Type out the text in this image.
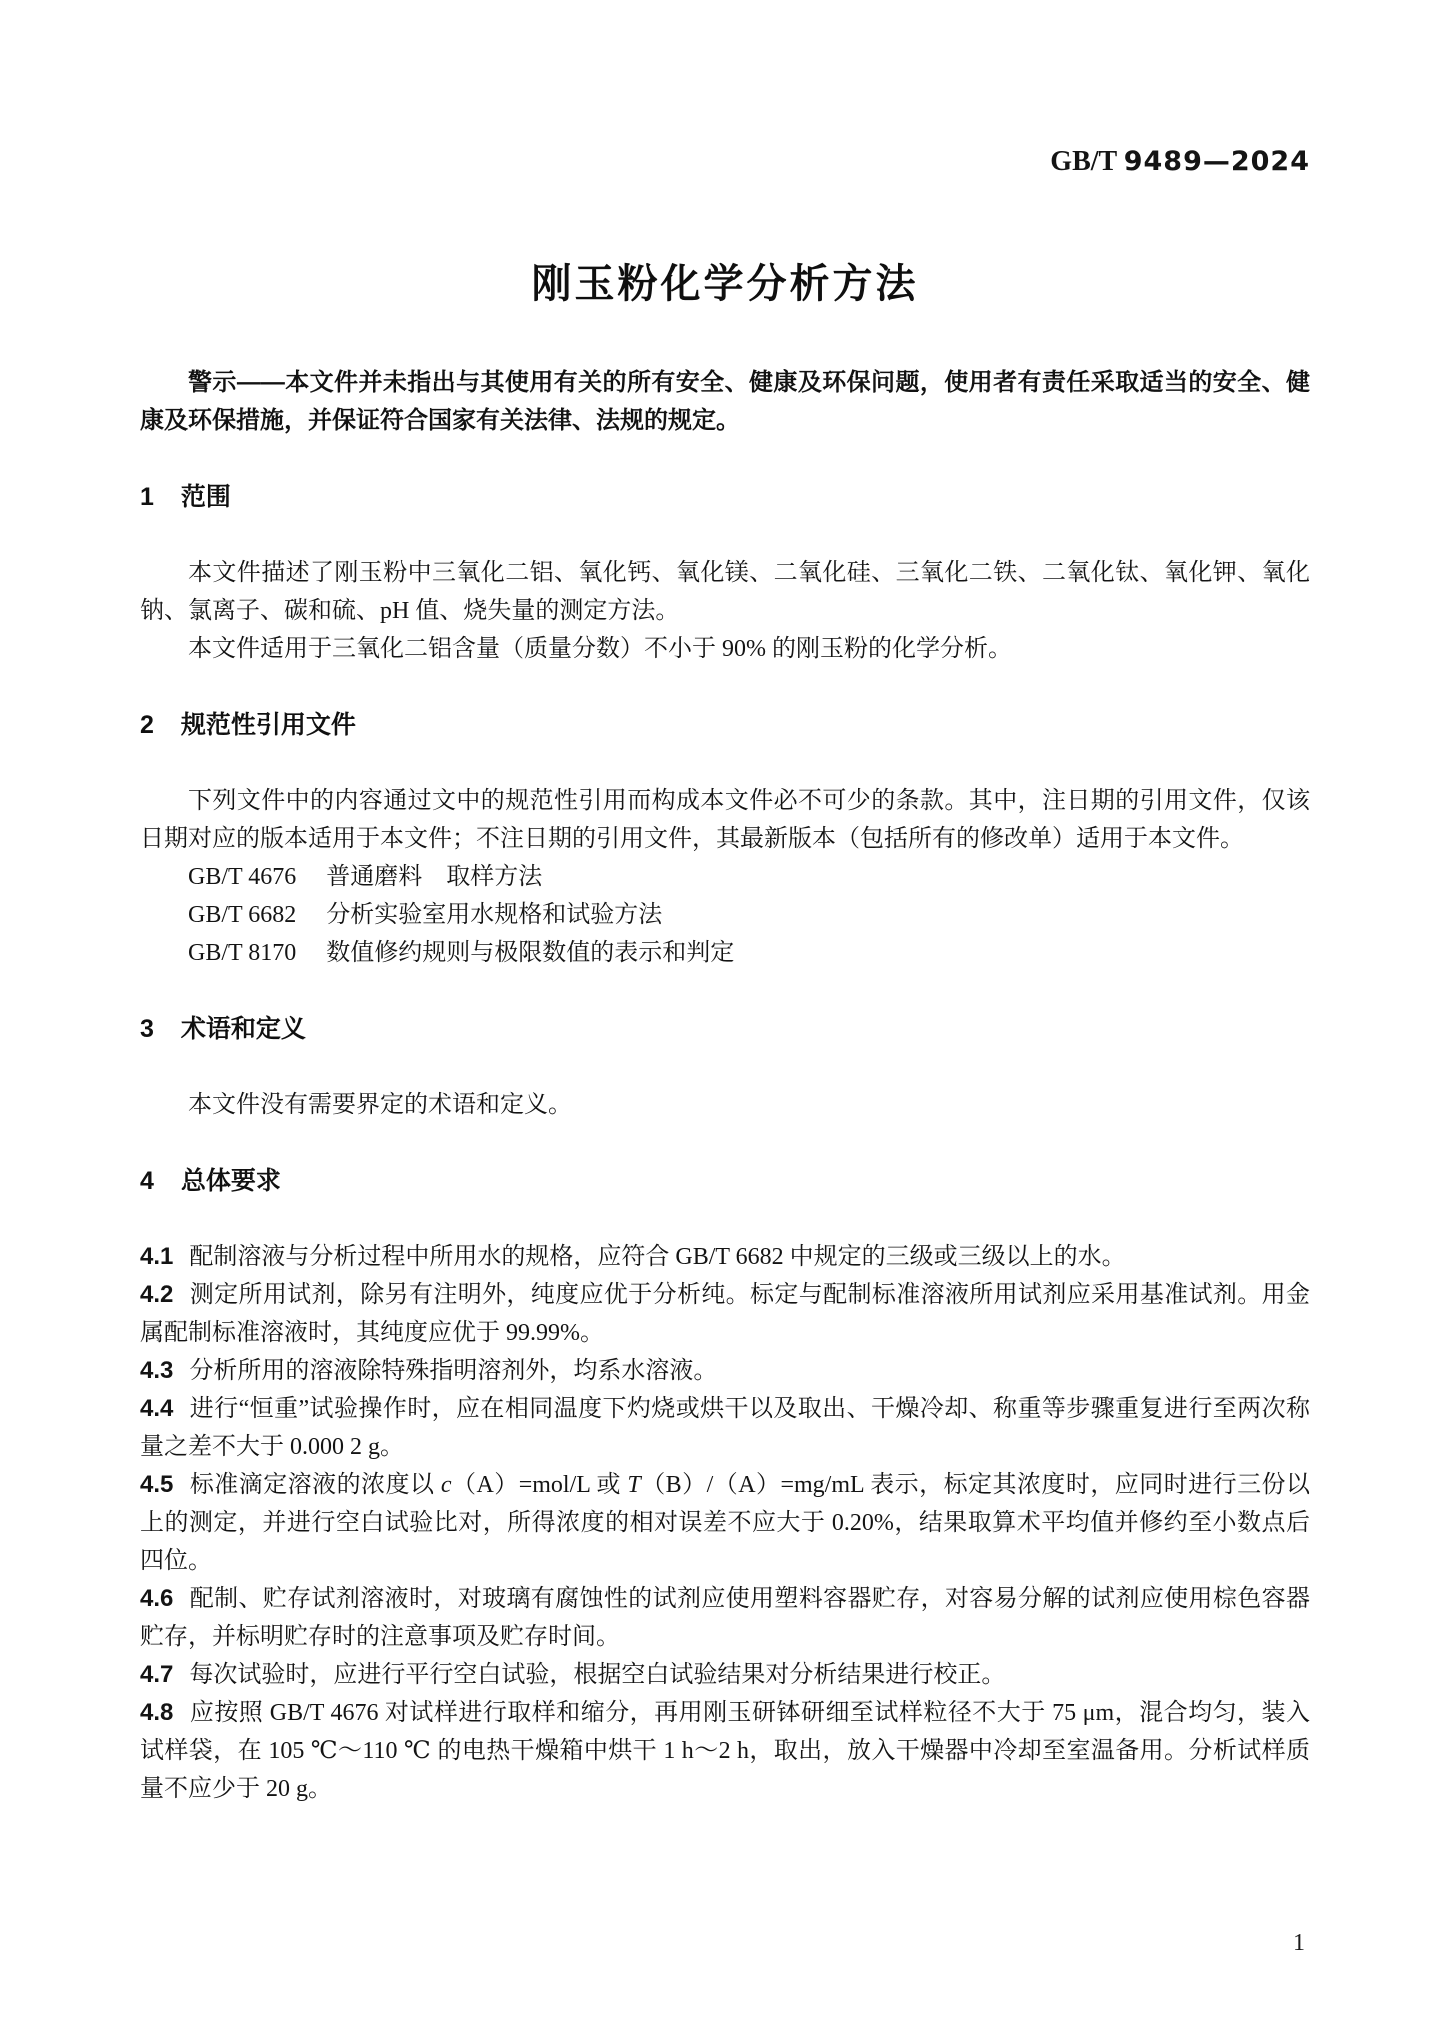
GB/T 9489—2024
刚玉粉化学分析方法

警示——本文件并未指出与其使用有关的所有安全、健康及环保问题，使用者有责任采取适当的安全、健康及环保措施，并保证符合国家有关法律、法规的规定。

1 范围

本文件描述了刚玉粉中三氧化二铝、氧化钙、氧化镁、二氧化硅、三氧化二铁、二氧化钛、氧化钾、氧化钠、氯离子、碳和硫、pH 值、烧失量的测定方法。

本文件适用于三氧化二铝含量（质量分数）不小于 90% 的刚玉粉的化学分析。

2 规范性引用文件

下列文件中的内容通过文中的规范性引用而构成本文件必不可少的条款。其中，注日期的引用文件，仅该日期对应的版本适用于本文件；不注日期的引用文件，其最新版本（包括所有的修改单）适用于本文件。

GB/T 4676 普通磨料　取样方法

GB/T 6682 分析实验室用水规格和试验方法

GB/T 8170 数值修约规则与极限数值的表示和判定

3 术语和定义

本文件没有需要界定的术语和定义。

4 总体要求

4.1 配制溶液与分析过程中所用水的规格，应符合 GB/T 6682 中规定的三级或三级以上的水。

4.2 测定所用试剂，除另有注明外，纯度应优于分析纯。标定与配制标准溶液所用试剂应采用基准试剂。用金属配制标准溶液时，其纯度应优于 99.99%。

4.3 分析所用的溶液除特殊指明溶剂外，均系水溶液。

4.4 进行“恒重”试验操作时，应在相同温度下灼烧或烘干以及取出、干燥冷却、称重等步骤重复进行至两次称量之差不大于 0.000 2 g。

4.5 标准滴定溶液的浓度以 c（A）=mol/L 或 T（B）/（A）=mg/mL 表示，标定其浓度时，应同时进行三份以上的测定，并进行空白试验比对，所得浓度的相对误差不应大于 0.20%，结果取算术平均值并修约至小数点后四位。

4.6 配制、贮存试剂溶液时，对玻璃有腐蚀性的试剂应使用塑料容器贮存，对容易分解的试剂应使用棕色容器贮存，并标明贮存时的注意事项及贮存时间。

4.7 每次试验时，应进行平行空白试验，根据空白试验结果对分析结果进行校正。

4.8 应按照 GB/T 4676 对试样进行取样和缩分，再用刚玉研钵研细至试样粒径不大于 75 μm，混合均匀，装入试样袋，在 105 ℃～110 ℃ 的电热干燥箱中烘干 1 h～2 h，取出，放入干燥器中冷却至室温备用。分析试样质量不应少于 20 g。

1
